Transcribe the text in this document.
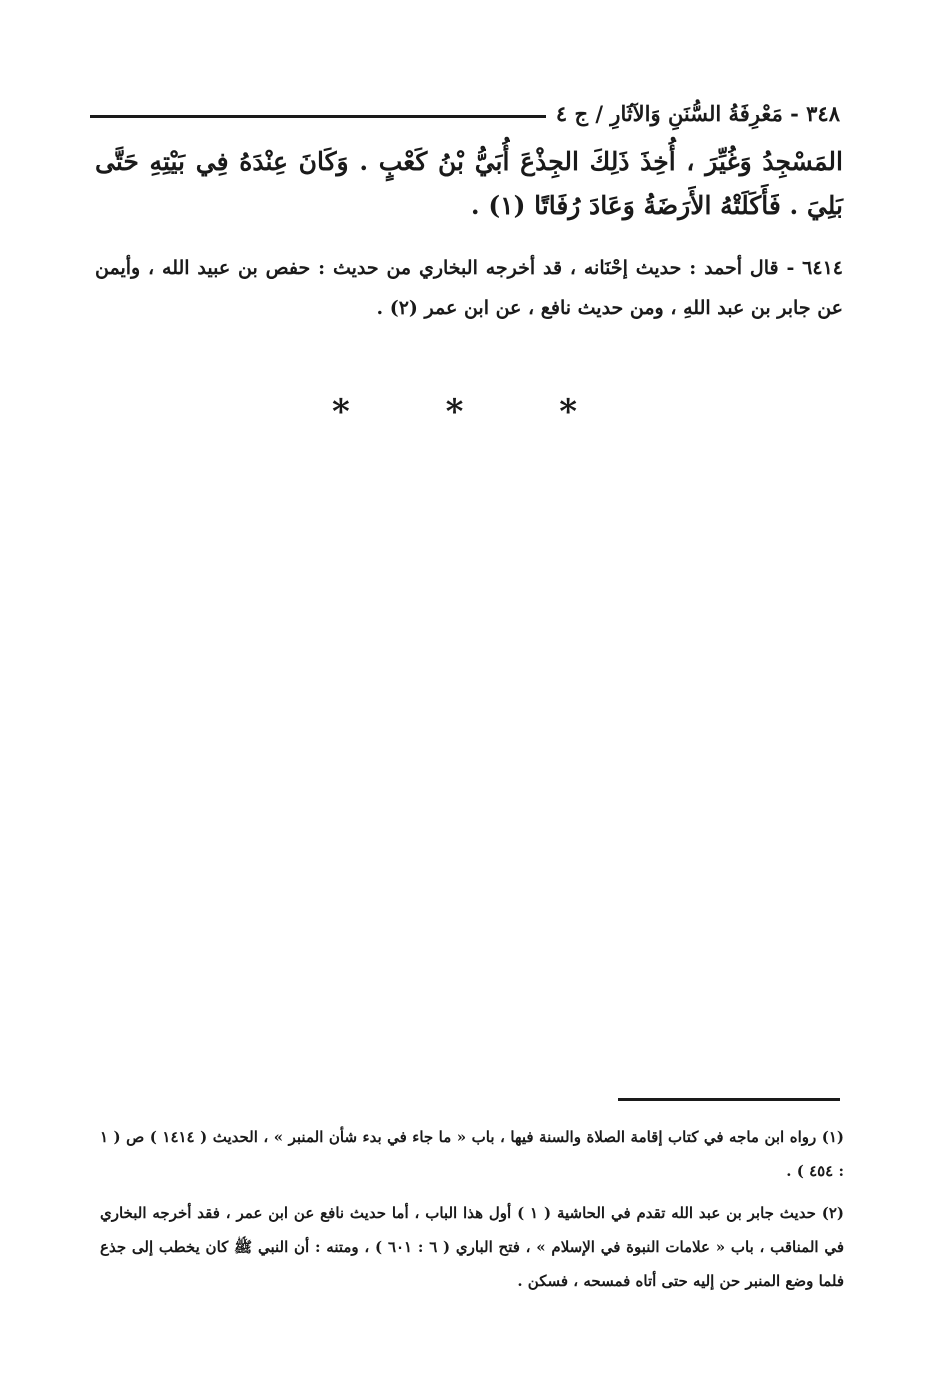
٣٤٨ - مَعْرِفَةُ السُّنَنِ وَالآثَارِ / ج ٤
المَسْجِدُ وَغُيِّرَ ، أُخِذَ ذَلِكَ الجِذْعَ أُبَيُّ بْنُ كَعْبٍ . وَكَانَ عِنْدَهُ فِي بَيْتِهِ حَتَّى بَلِيَ . فَأَكَلَتْهُ الأَرَضَةُ وَعَادَ رُفَاتًا (١) .
٦٤١٤ - قال أحمد : حديث إحْنَانه ، قد أخرجه البخاري من حديث : حفص بن عبيد الله ، وأيمن عن جابر بن عبد اللهِ ، ومن حديث نافع ، عن ابن عمر (٢) .
* * *
(١) رواه ابن ماجه في كتاب إقامة الصلاة والسنة فيها ، باب « ما جاء في بدء شأن المنبر » ، الحديث ( ١٤١٤ ) ص ( ١ : ٤٥٤ ) .
(٢) حديث جابر بن عبد الله تقدم في الحاشية ( ١ ) أول هذا الباب ، أما حديث نافع عن ابن عمر ، فقد أخرجه البخاري في المناقب ، باب « علامات النبوة في الإسلام » ، فتح الباري ( ٦ : ٦٠١ ) ، ومتنه : أن النبي ﷺ كان يخطب إلى جذع فلما وضع المنبر حن إليه حتى أتاه فمسحه ، فسكن .
